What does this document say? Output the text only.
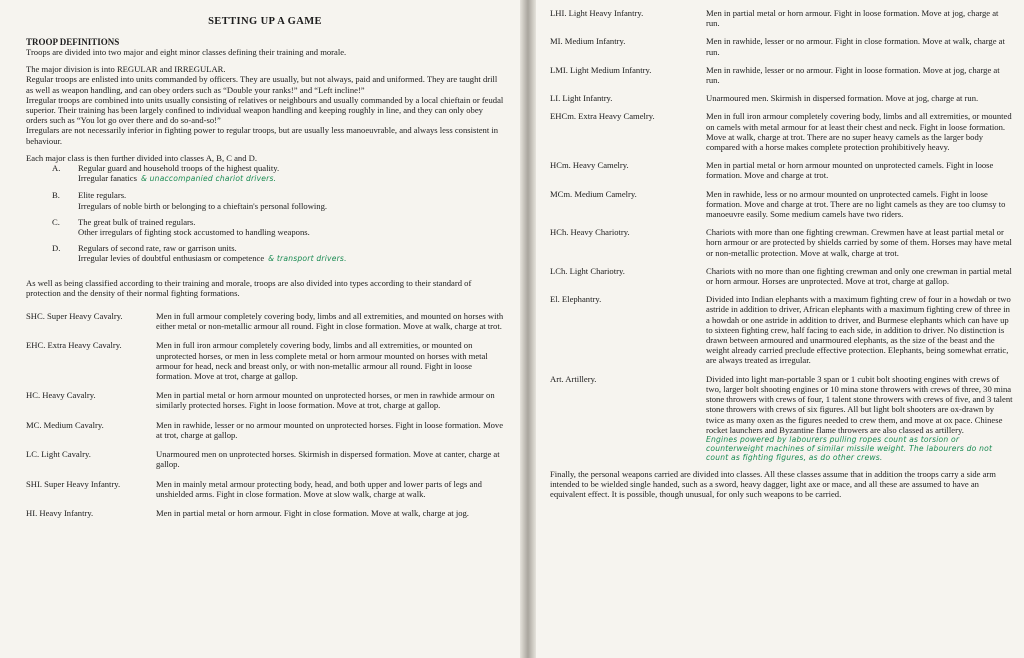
SETTING UP A GAME
TROOP DEFINITIONS

Troops are divided into two major and eight minor classes defining their training and morale.

The major division is into REGULAR and IRREGULAR.

Regular troops are enlisted into units commanded by officers. They are usually, but not always, paid and uniformed. They are taught drill as well as weapon handling, and can obey orders such as “Double your ranks!” and “Left incline!”

Irregular troops are combined into units usually consisting of relatives or neighbours and usually commanded by a local chieftain or feudal superior. Their training has been largely confined to individual weapon handling and keeping roughly in line, and they can only obey orders such as “You lot go over there and do so-and-so!”

Irregulars are not necessarily inferior in fighting power to regular troops, but are usually less manoeuvrable, and always less consistent in behaviour.

Each major class is then further divided into classes A, B, C and D.

A.	Regular guard and household troops of the highest quality.
Irregular fanatics & unaccompanied chariot drivers.
B.	Elite regulars.
Irregulars of noble birth or belonging to a chieftain's personal following.
C.	The great bulk of trained regulars.
Other irregulars of fighting stock accustomed to handling weapons.
D.	Regulars of second rate, raw or garrison units.
Irregular levies of doubtful enthusiasm or competence & transport drivers.

As well as being classified according to their training and morale, troops are also divided into types according to their standard of protection and the density of their normal fighting formations.

SHC. Super Heavy Cavalry.	Men in full armour completely covering body, limbs and all extremities, and mounted on horses with either metal or non-metallic armour all round. Fight in close formation. Move at walk, charge at trot.
EHC. Extra Heavy Cavalry.	Men in full iron armour completely covering body, limbs and all extremities, or mounted on unprotected horses, or men in less complete metal or horn armour mounted on horses with metal armour for head, neck and breast only, or with non-metallic armour all round. Fight in loose formation. Move at trot, charge at gallop.
HC. Heavy Cavalry.	Men in partial metal or horn armour mounted on unprotected horses, or men in rawhide armour on similarly protected horses. Fight in loose formation. Move at trot, charge at gallop.
MC. Medium Cavalry.	Men in rawhide, lesser or no armour mounted on unprotected horses. Fight in loose formation. Move at trot, charge at gallop.
LC. Light Cavalry.	Unarmoured men on unprotected horses. Skirmish in dispersed formation. Move at canter, charge at gallop.
SHI. Super Heavy Infantry.	Men in mainly metal armour protecting body, head, and both upper and lower parts of legs and unshielded arms. Fight in close formation. Move at slow walk, charge at walk.
HI. Heavy Infantry.	Men in partial metal or horn armour. Fight in close formation. Move at walk, charge at jog.
LHI. Light Heavy Infantry.	Men in partial metal or horn armour. Fight in loose formation. Move at jog, charge at run.
MI. Medium Infantry.	Men in rawhide, lesser or no armour. Fight in close formation. Move at walk, charge at run.
LMI. Light Medium Infantry.	Men in rawhide, lesser or no armour. Fight in loose formation. Move at jog, charge at run.
LI. Light Infantry.	Unarmoured men. Skirmish in dispersed formation. Move at jog, charge at run.
EHCm. Extra Heavy Camelry.	Men in full iron armour completely covering body, limbs and all extremities, or mounted on camels with metal armour for at least their chest and neck. Fight in loose formation. Move at walk, charge at trot. There are no super heavy camels as the larger body compared with a horse makes complete protection prohibitively heavy.
HCm. Heavy Camelry.	Men in partial metal or horn armour mounted on unprotected camels. Fight in loose formation. Move and charge at trot.
MCm. Medium Camelry.	Men in rawhide, less or no armour mounted on unprotected camels. Fight in loose formation. Move and charge at trot. There are no light camels as they are too clumsy to manoeuvre easily. Some medium camels have two riders.
HCh. Heavy Chariotry.	Chariots with more than one fighting crewman. Crewmen have at least partial metal or horn armour or are protected by shields carried by some of them. Horses may have metal or non-metallic protection. Move at walk, charge at trot.
LCh. Light Chariotry.	Chariots with no more than one fighting crewman and only one crewman in partial metal or horn armour. Horses are unprotected. Move at trot, charge at gallop.
El. Elephantry.	Divided into Indian elephants with a maximum fighting crew of four in a howdah or two astride in addition to driver, African elephants with a maximum fighting crew of three in a howdah or one astride in addition to driver, and Burmese elephants which can have up to sixteen fighting crew, half facing to each side, in addition to driver. No distinction is drawn between armoured and unarmoured elephants, as the size of the beast and the weight already carried preclude effective protection. Elephants, being somewhat erratic, are always treated as irregular.
Art. Artillery.	Divided into light man-portable 3 span or 1 cubit bolt shooting engines with crews of two, larger bolt shooting engines or 10 mina stone throwers with crews of three, 30 mina stone throwers with crews of four, 1 talent stone throwers with crews of five, and 3 talent stone throwers with crews of six figures. All but light bolt shooters are ox-drawn by twice as many oxen as the figures needed to crew them, and move at ox pace. Chinese rocket launchers and Byzantine flame throwers are also classed as artillery.
Engines powered by labourers pulling ropes count as torsion or counterweight machines of similar missile weight. The labourers do not count as fighting figures, as do other crews.

Finally, the personal weapons carried are divided into classes. All these classes assume that in addition the troops carry a side arm intended to be wielded single handed, such as a sword, heavy dagger, light axe or mace, and all these are assumed to have an equivalent effect. It is possible, though unusual, for only such weapons to be carried.
